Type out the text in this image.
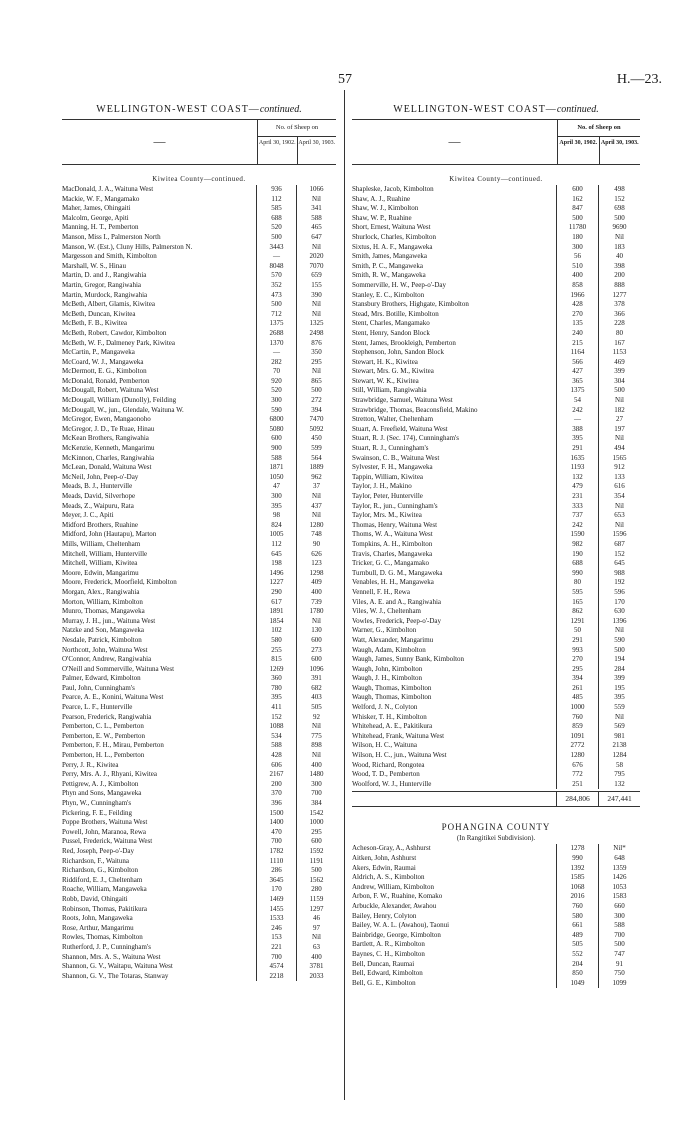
57	H.—23.
WELLINGTON-WEST COAST—continued.
—
No. of Sheep on
April 30, 1902. April 30, 1903.
Kiwitea County—continued.
MacDonald, J. A., Waituna West	936	1066
Mackie, W. F., Mangamako	112	Nil
Maher, James, Ohingaiti	585	341
Malcolm, George, Apiti	688	588
Manning, H. T., Pemberton	520	465
Manson, Miss I., Palmerston North	500	647
Manson, W. (Est.), Cluny Hills, Palmerston N.	3443	Nil
Margesson and Smith, Kimbolton	—	2020
Marshall, W. S., Hinau	8048	7070
Martin, D. and J., Rangiwahia	570	659
Martin, Gregor, Rangiwahia	352	155
Martin, Murdock, Rangiwahia	473	390
McBeth, Albert, Glamis, Kiwitea	500	Nil
McBeth, Duncan, Kiwitea	712	Nil
McBeth, F. B., Kiwitea	1375	1325
McBeth, Robert, Cawdor, Kimbolton	2688	2498
McBeth, W. F., Dalmeney Park, Kiwitea	1370	876
McCartin, P., Mangaweka	—	350
McCoard, W. J., Mangaweka	282	295
McDermott, E. G., Kimbolton	70	Nil
McDonald, Ronald, Pemberton	920	865
McDougall, Robert, Waituna West	520	500
McDougall, William (Dunolly), Feilding	300	272
McDougall, W., jun., Glendale, Waituna W.	590	394
McGregor, Ewen, Mangaonoho	6800	7470
McGregor, J. D., Te Ruae, Hinau	5080	5092
McKean Brothers, Rangiwahia	600	450
McKenzie, Kenneth, Mangarimu	900	599
McKinnon, Charles, Rangiwahia	588	564
McLean, Donald, Waituna West	1871	1889
McNeil, John, Peep-o'-Day	1050	962
Meads, B. J., Hunterville	47	37
Meads, David, Silverhope	300	Nil
Meads, Z., Waipuru, Rata	395	437
Meyer, J. C., Apiti	98	Nil
Midford Brothers, Ruahine	824	1280
Midford, John (Hautapu), Marton	1005	748
Mills, William, Cheltenham	112	90
Mitchell, William, Hunterville	645	626
Mitchell, William, Kiwitea	198	123
Moore, Edwin, Mangarimu	1496	1298
Moore, Frederick, Moorfield, Kimbolton	1227	409
Morgan, Alex., Rangiwahia	290	400
Morton, William, Kimbolton	617	739
Munro, Thomas, Mangaweka	1891	1780
Murray, J. H., jun., Waituna West	1854	Nil
Natzke and Son, Mangaweka	102	130
Nesdale, Patrick, Kimbolton	580	600
Northcott, John, Waituna West	255	273
O'Connor, Andrew, Rangiwahia	815	600
O'Neill and Sommerville, Waituna West	1269	1096
Palmer, Edward, Kimbolton	360	391
Paul, John, Cunningham's	780	682
Pearce, A. E., Konini, Waituna West	395	403
Pearce, L. F., Hunterville	411	505
Pearson, Frederick, Rangiwahia	152	92
Pemberton, C. L., Pemberton	1088	Nil
Pemberton, E. W., Pemberton	534	775
Pemberton, F. H., Mirau, Pemberton	588	898
Pemberton, H. L., Pemberton	428	Nil
Perry, J. R., Kiwitea	606	400
Perry, Mrs. A. J., Rhyani, Kiwitea	2167	1480
Pettigrew, A. J., Kimbolton	200	300
Phyn and Sons, Mangaweka	370	700
Phyn, W., Cunningham's	396	384
Pickering, F. E., Feilding	1500	1542
Poppe Brothers, Waituna West	1400	1000
Powell, John, Maranoa, Rewa	470	295
Pussel, Frederick, Waituna West	700	600
Red, Joseph, Peep-o'-Day	1782	1592
Richardson, F., Waituna	1110	1191
Richardson, G., Kimbolton	286	500
Riddiford, E. J., Cheltenham	3645	1562
Roache, William, Mangaweka	170	280
Robb, David, Ohingaiti	1469	1159
Robinson, Thomas, Pakitikura	1455	1297
Roots, John, Mangaweka	1533	46
Rose, Arthur, Mangarimu	246	97
Rowles, Thomas, Kimbolton	153	Nil
Rutherford, J. P., Cunningham's	221	63
Shannon, Mrs. A. S., Waituna West	700	400
Shannon, G. V., Waitapu, Waituna West	4574	3781
Shannon, G. V., The Totaras, Stanway	2218	2033
WELLINGTON-WEST COAST—continued.
—
No. of Sheep on
April 30, 1902. April 30, 1903.
Kiwitea County—continued.
Shapleske, Jacob, Kimbolton	600	498
Shaw, A. J., Ruahine	162	152
Shaw, W. J., Kimbolton	847	698
Shaw, W. P., Ruahine	500	500
Short, Ernest, Waituna West	11780	9690
Shurlock, Charles, Kimbolton	180	Nil
Sixtus, H. A. F., Mangaweka	300	183
Smith, James, Mangaweka	56	40
Smith, P. C., Mangaweka	510	398
Smith, R. W., Mangaweka	400	200
Sommerville, H. W., Peep-o'-Day	858	888
Stanley, E. C., Kimbolton	1966	1277
Stansbury Brothers, Highgate, Kimbolton	428	378
Stead, Mrs. Botille, Kimbolton	270	366
Stent, Charles, Mangamako	135	228
Stent, Henry, Sandon Block	240	80
Stent, James, Brookleigh, Pemberton	215	167
Stephenson, John, Sandon Block	1164	1153
Stewart, H. K., Kiwitea	566	469
Stewart, Mrs. G. M., Kiwitea	427	399
Stewart, W. K., Kiwitea	365	304
Still, William, Rangiwahia	1375	500
Strawbridge, Samuel, Waituna West	54	Nil
Strawbridge, Thomas, Beaconsfield, Makino	242	182
Stretton, Walter, Cheltenham	—	27
Stuart, A. Freefield, Waituna West	388	197
Stuart, R. J. (Sec. 174), Cunningham's	395	Nil
Stuart, R. J., Cunningham's	291	494
Swainson, C. B., Waituna West	1635	1565
Sylvester, F. H., Mangaweka	1193	912
Tappin, William, Kiwitea	132	133
Taylor, J. H., Makino	479	616
Taylor, Peter, Hunterville	231	354
Taylor, R., jun., Cunningham's	333	Nil
Taylor, Mrs. M., Kiwitea	737	653
Thomas, Henry, Waituna West	242	Nil
Thoms, W. A., Waituna West	1590	1596
Tompkins, A. H., Kimbolton	982	687
Travis, Charles, Mangaweka	190	152
Tricker, G. C., Mangamako	688	645
Turnbull, D. G. M., Mangaweka	990	988
Venables, H. H., Mangaweka	80	192
Vennell, F. H., Rewa	595	596
Viles, A. E. and A., Rangiwahia	165	170
Viles, W. J., Cheltenham	862	630
Vowles, Frederick, Peep-o'-Day	1291	1396
Warner, G., Kimbolton	50	Nil
Watt, Alexander, Mangarimu	291	590
Waugh, Adam, Kimbolton	993	500
Waugh, James, Sunny Bank, Kimbolton	270	194
Waugh, John, Kimbolton	295	284
Waugh, J. H., Kimbolton	394	399
Waugh, Thomas, Kimbolton	261	195
Waugh, Thomas, Kimbolton	485	395
Welford, J. N., Colyton	1000	559
Whisker, T. H., Kimbolton	760	Nil
Whitehead, A. E., Pakitikura	859	569
Whitehead, Frank, Waituna West	1091	981
Wilson, H. C., Waituna	2772	2138
Wilson, H. C., jun., Waituna West	1280	1284
Wood, Richard, Rongotea	676	58
Wood, T. D., Pemberton	772	795
Woolford, W. J., Hunterville	251	132
284,806	247,441
POHANGINA COUNTY
(In Rangitikei Subdivision).
Acheson-Gray, A., Ashhurst	1278	Nil*
Aitken, John, Ashhurst	990	648
Akers, Edwin, Raumai	1392	1359
Aldrich, A. S., Kimbolton	1585	1426
Andrew, William, Kimbolton	1068	1053
Arbon, F. W., Ruahine, Komako	2016	1583
Arbuckle, Alexander, Awahou	760	660
Bailey, Henry, Colyton	580	300
Bailey, W. A. L. (Awahou), Taonui	661	588
Bainbridge, George, Kimbolton	489	700
Bartlett, A. R., Kimbolton	505	500
Baynes, C. H., Kimbolton	552	747
Bell, Duncan, Raumai	204	91
Bell, Edward, Kimbolton	850	750
Bell, G. E., Kimbolton	1049	1099
